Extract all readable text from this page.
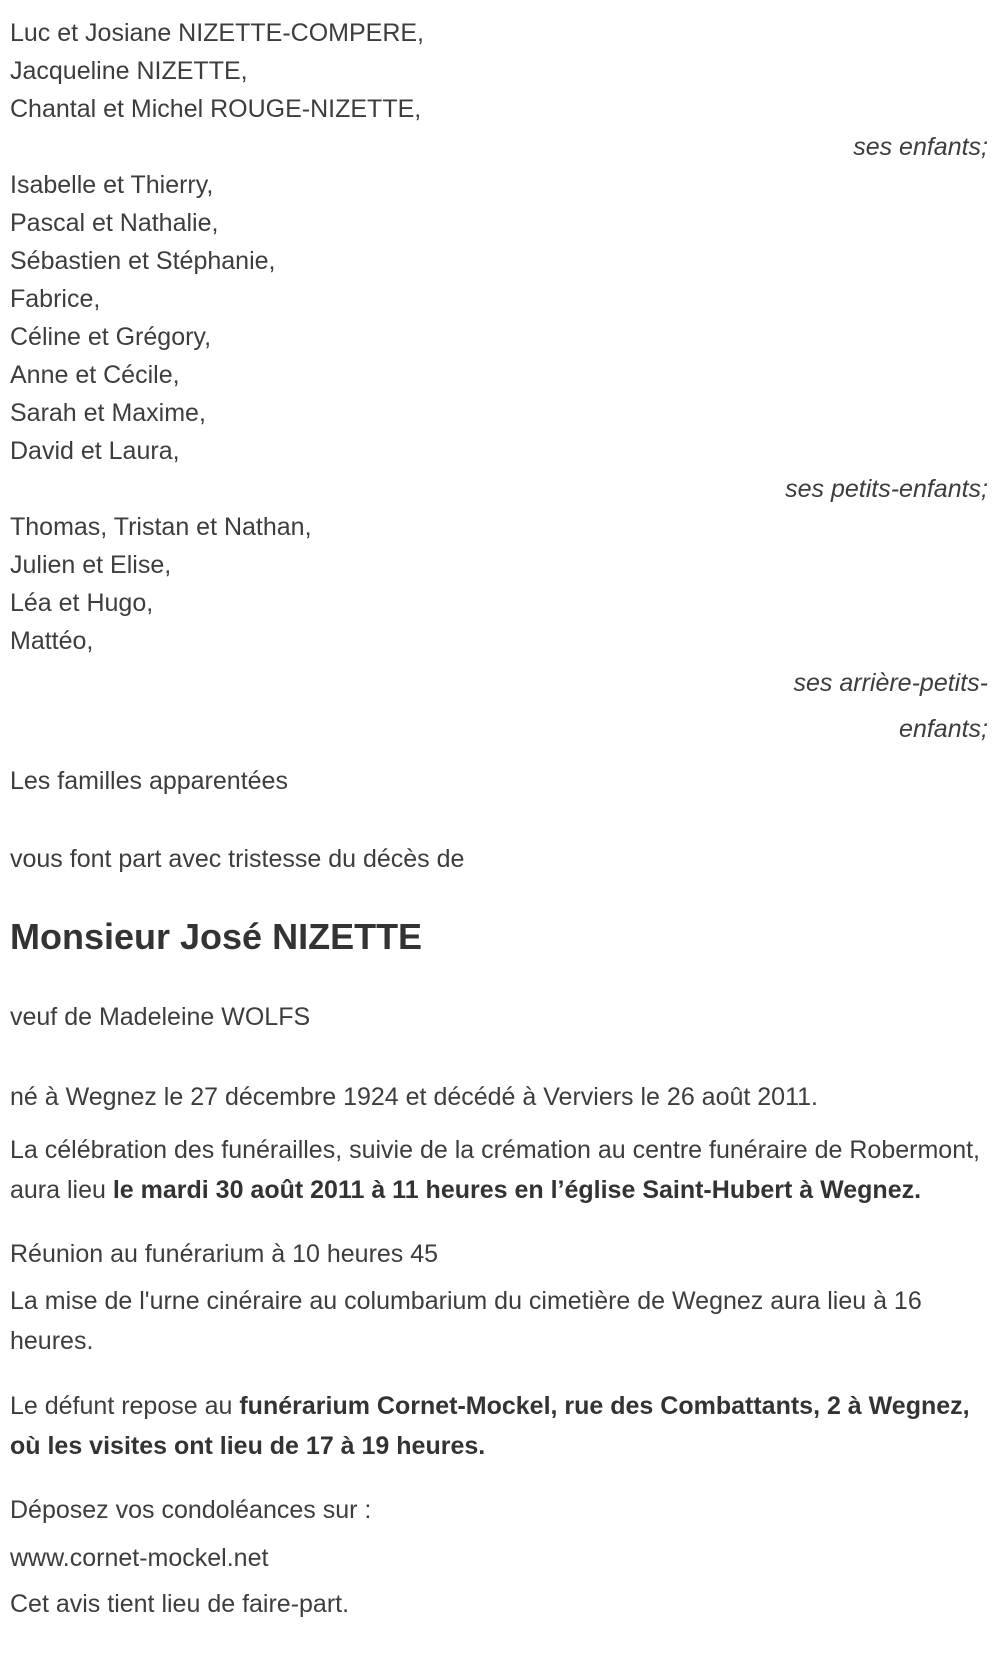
Luc et Josiane NIZETTE-COMPERE,
Jacqueline NIZETTE,
Chantal et Michel ROUGE-NIZETTE,
ses enfants;
Isabelle et Thierry,
Pascal et Nathalie,
Sébastien et Stéphanie,
Fabrice,
Céline et Grégory,
Anne et Cécile,
Sarah et Maxime,
David et Laura,
ses petits-enfants;
Thomas, Tristan et Nathan,
Julien et Elise,
Léa et Hugo,
Mattéo,
ses arrière-petits-enfants;
Les familles apparentées
vous font part avec tristesse du décès de
Monsieur José NIZETTE
veuf de Madeleine WOLFS
né à Wegnez le 27 décembre 1924 et décédé à Verviers le 26 août 2011.

La célébration des funérailles, suivie de la crémation au centre funéraire de Robermont, aura lieu le mardi 30 août 2011 à 11 heures en l’église Saint-Hubert à Wegnez.

Réunion au funérarium à 10 heures 45

La mise de l'urne cinéraire au columbarium du cimetière de Wegnez aura lieu à 16 heures.

Le défunt repose au funérarium Cornet-Mockel, rue des Combattants, 2 à Wegnez, où les visites ont lieu de 17 à 19 heures.

Déposez vos condoléances sur :
www.cornet-mockel.net
Cet avis tient lieu de faire-part.
